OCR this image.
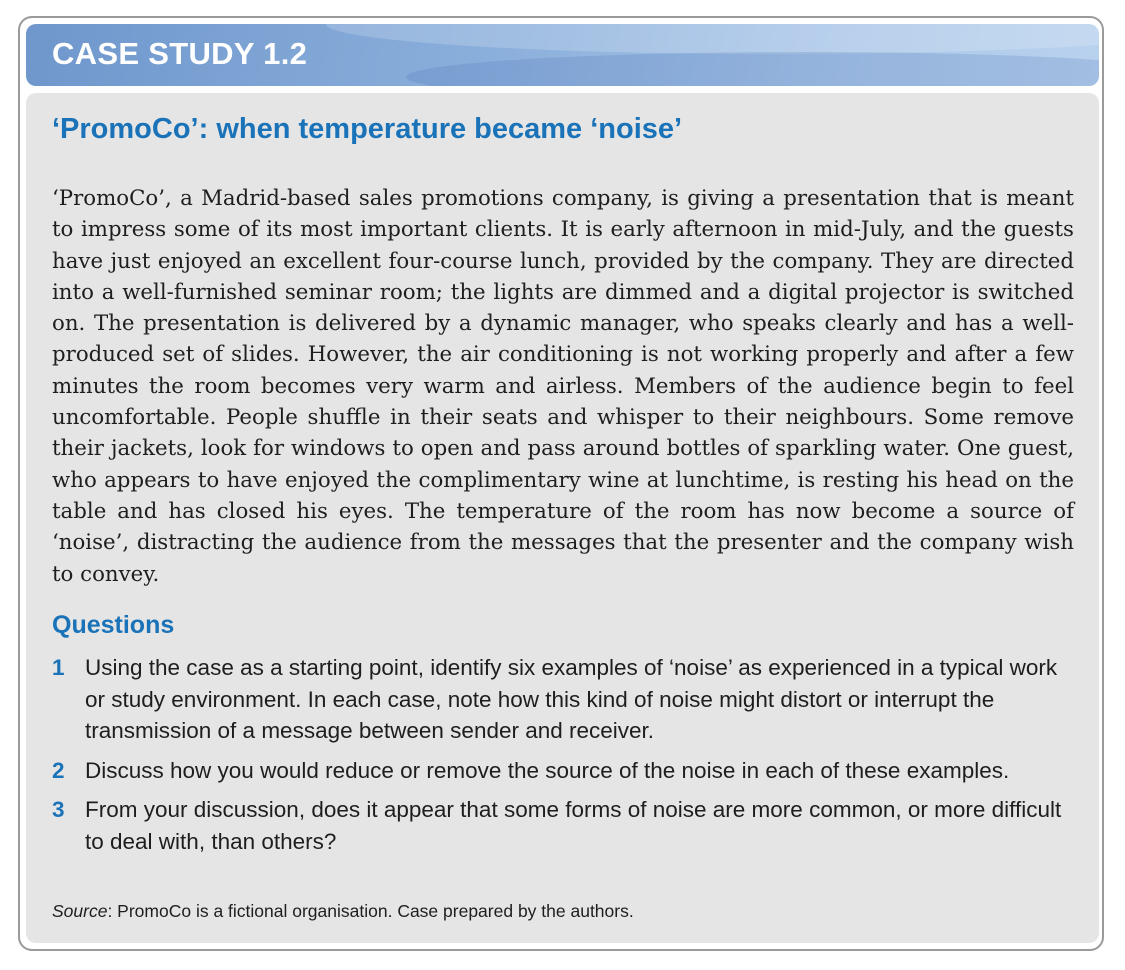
CASE STUDY 1.2
‘PromoCo’: when temperature became ‘noise’

‘PromoCo’, a Madrid-based sales promotions company, is giving a presentation that is meant to impress some of its most important clients. It is early afternoon in mid-July, and the guests have just enjoyed an excellent four-course lunch, provided by the company. They are directed into a well-furnished seminar room; the lights are dimmed and a digital projector is switched on. The presentation is delivered by a dynamic manager, who speaks clearly and has a well-produced set of slides. However, the air conditioning is not working properly and after a few minutes the room becomes very warm and airless. Members of the audience begin to feel uncomfortable. People shuffle in their seats and whisper to their neighbours. Some remove their jackets, look for windows to open and pass around bottles of sparkling water. One guest, who appears to have enjoyed the complimentary wine at lunchtime, is resting his head on the table and has closed his eyes. The temperature of the room has now become a source of ‘noise’, distracting the audience from the messages that the presenter and the company wish to convey.

Questions
1 Using the case as a starting point, identify six examples of ‘noise’ as experienced in a typical work or study environment. In each case, note how this kind of noise might distort or interrupt the transmission of a message between sender and receiver.
2 Discuss how you would reduce or remove the source of the noise in each of these examples.
3 From your discussion, does it appear that some forms of noise are more common, or more difficult to deal with, than others?

Source: PromoCo is a fictional organisation. Case prepared by the authors.
